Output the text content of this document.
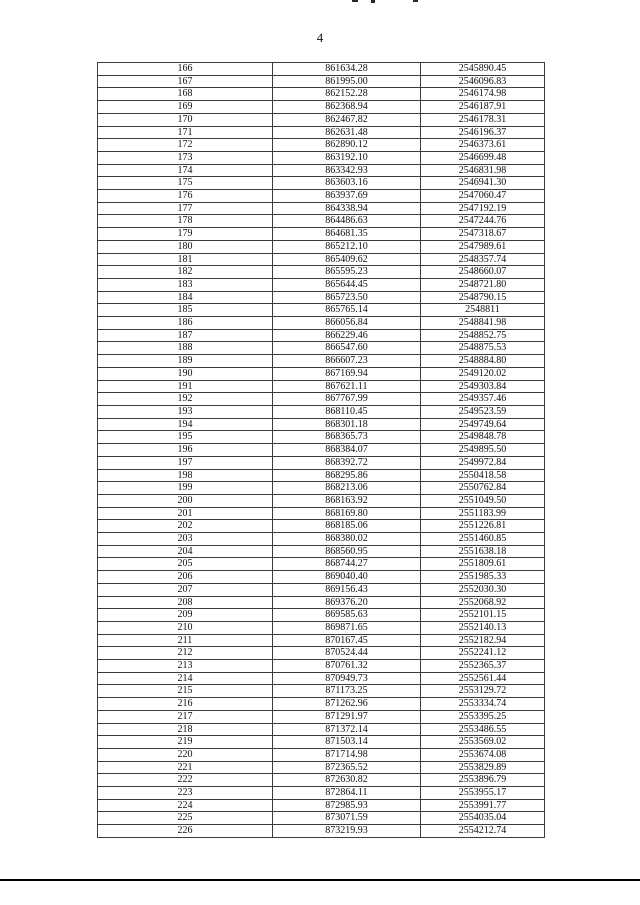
4
166	861634.28	2545890.45
167	861995.00	2546096.83
168	862152.28	2546174.98
169	862368.94	2546187.91
170	862467.82	2546178.31
171	862631.48	2546196.37
172	862890.12	2546373.61
173	863192.10	2546699.48
174	863342.93	2546831.98
175	863603.16	2546941.30
176	863937.69	2547060.47
177	864338.94	2547192.19
178	864486.63	2547244.76
179	864681.35	2547318.67
180	865212.10	2547989.61
181	865409.62	2548357.74
182	865595.23	2548660.07
183	865644.45	2548721.80
184	865723.50	2548790.15
185	865765.14	2548811
186	866056.84	2548841.98
187	866229.46	2548852.75
188	866547.60	2548875.53
189	866607.23	2548884.80
190	867169.94	2549120.02
191	867621.11	2549303.84
192	867767.99	2549357.46
193	868110.45	2549523.59
194	868301.18	2549749.64
195	868365.73	2549848.78
196	868384.07	2549895.50
197	868392.72	2549972.84
198	868295.86	2550418.58
199	868213.06	2550762.84
200	868163.92	2551049.50
201	868169.80	2551183.99
202	868185.06	2551226.81
203	868380.02	2551460.85
204	868560.95	2551638.18
205	868744.27	2551809.61
206	869040.40	2551985.33
207	869156.43	2552030.30
208	869376.20	2552068.92
209	869585.63	2552101.15
210	869871.65	2552140.13
211	870167.45	2552182.94
212	870524.44	2552241.12
213	870761.32	2552365.37
214	870949.73	2552561.44
215	871173.25	2553129.72
216	871262.96	2553334.74
217	871291.97	2553395.25
218	871372.14	2553486.55
219	871503.14	2553569.02
220	871714.98	2553674.08
221	872365.52	2553829.89
222	872630.82	2553896.79
223	872864.11	2553955.17
224	872985.93	2553991.77
225	873071.59	2554035.04
226	873219.93	2554212.74
